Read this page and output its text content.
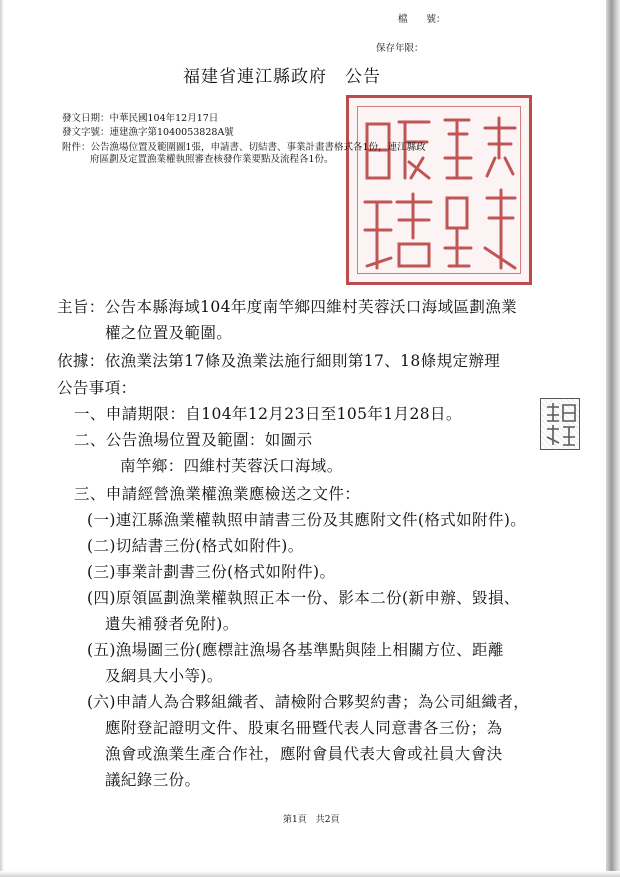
檔　　號：
保存年限：
福建省連江縣政府　公告
發文日期：中華民國104年12月17日
發文字號：連建漁字第1040053828A號
附件：公告漁場位置及範圍圖1張，申請書、切結書、事業計畫書格式各1份，連江縣政
府區劃及定置漁業權執照審查核發作業要點及流程各1份。
主旨：公告本縣海域104年度南竿鄉四維村芙蓉沃口海域區劃漁業
權之位置及範圍。
依據：依漁業法第17條及漁業法施行細則第17、18條規定辦理
公告事項：
一、申請期限：自104年12月23日至105年1月28日。
二、公告漁場位置及範圍：如圖示
南竿鄉：四維村芙蓉沃口海域。
三、申請經營漁業權漁業應檢送之文件：
(一)連江縣漁業權執照申請書三份及其應附文件(格式如附件)。
(二)切結書三份(格式如附件)。
(三)事業計劃書三份(格式如附件)。
(四)原領區劃漁業權執照正本一份、影本二份(新申辦、毀損、
遺失補發者免附)。
(五)漁場圖三份(應標註漁場各基準點與陸上相關方位、距離
及網具大小等)。
(六)申請人為合夥組織者、請檢附合夥契約書；為公司組織者，
應附登記證明文件、股東名冊暨代表人同意書各三份；為
漁會或漁業生產合作社，應附會員代表大會或社員大會決
議紀錄三份。
第1頁　共2頁
